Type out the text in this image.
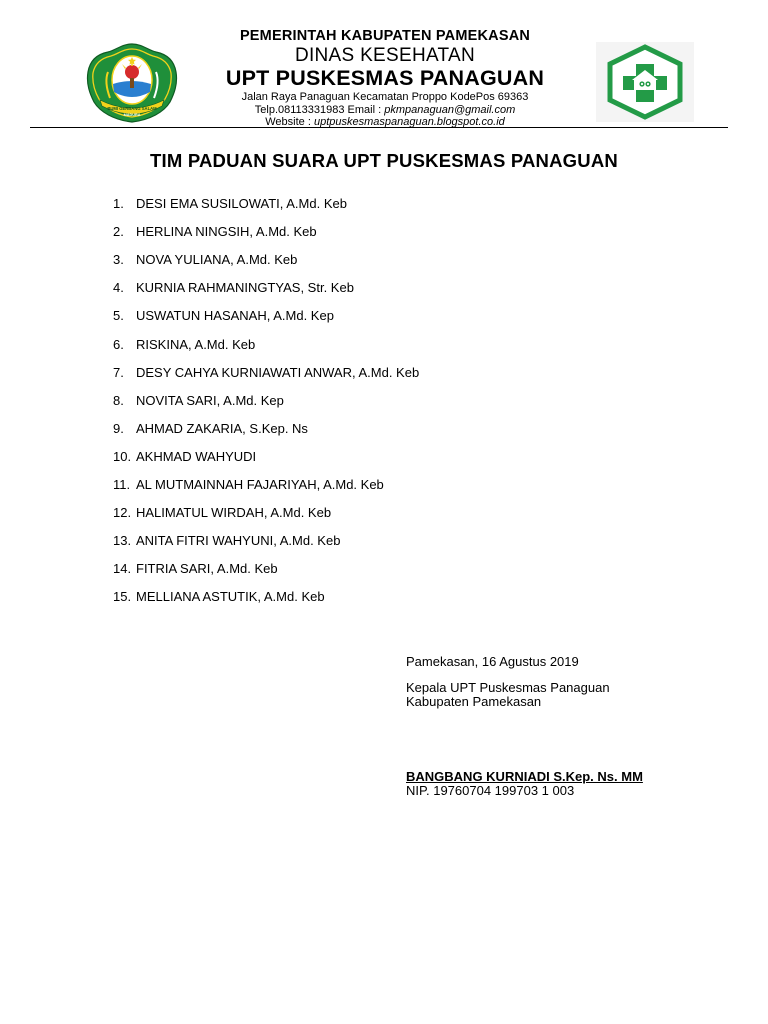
BUMI GERBANG SALAM
MADURA
PEMERINTAH KABUPATEN PAMEKASAN
DINAS KESEHATAN
UPT PUSKESMAS PANAGUAN
Jalan Raya Panaguan Kecamatan Proppo KodePos 69363
Telp.08113331983 Email : pkmpanaguan@gmail.com
Website : uptpuskesmaspanaguan.blogspot.co.id
TIM PADUAN SUARA UPT PUSKESMAS PANAGUAN
1. DESI EMA SUSILOWATI, A.Md. Keb
2. HERLINA NINGSIH, A.Md. Keb
3. NOVA YULIANA, A.Md. Keb
4. KURNIA RAHMANINGTYAS, Str. Keb
5. USWATUN HASANAH, A.Md. Kep
6. RISKINA, A.Md. Keb
7. DESY CAHYA KURNIAWATI ANWAR, A.Md. Keb
8. NOVITA SARI, A.Md. Kep
9. AHMAD ZAKARIA, S.Kep. Ns
10. AKHMAD WAHYUDI
11. AL MUTMAINNAH FAJARIYAH, A.Md. Keb
12. HALIMATUL WIRDAH, A.Md. Keb
13. ANITA FITRI WAHYUNI, A.Md. Keb
14. FITRIA SARI, A.Md. Keb
15. MELLIANA ASTUTIK, A.Md. Keb
Pamekasan, 16 Agustus 2019
Kepala UPT Puskesmas Panaguan
Kabupaten Pamekasan
BANGBANG KURNIADI S.Kep. Ns. MM
NIP. 19760704 199703 1 003
